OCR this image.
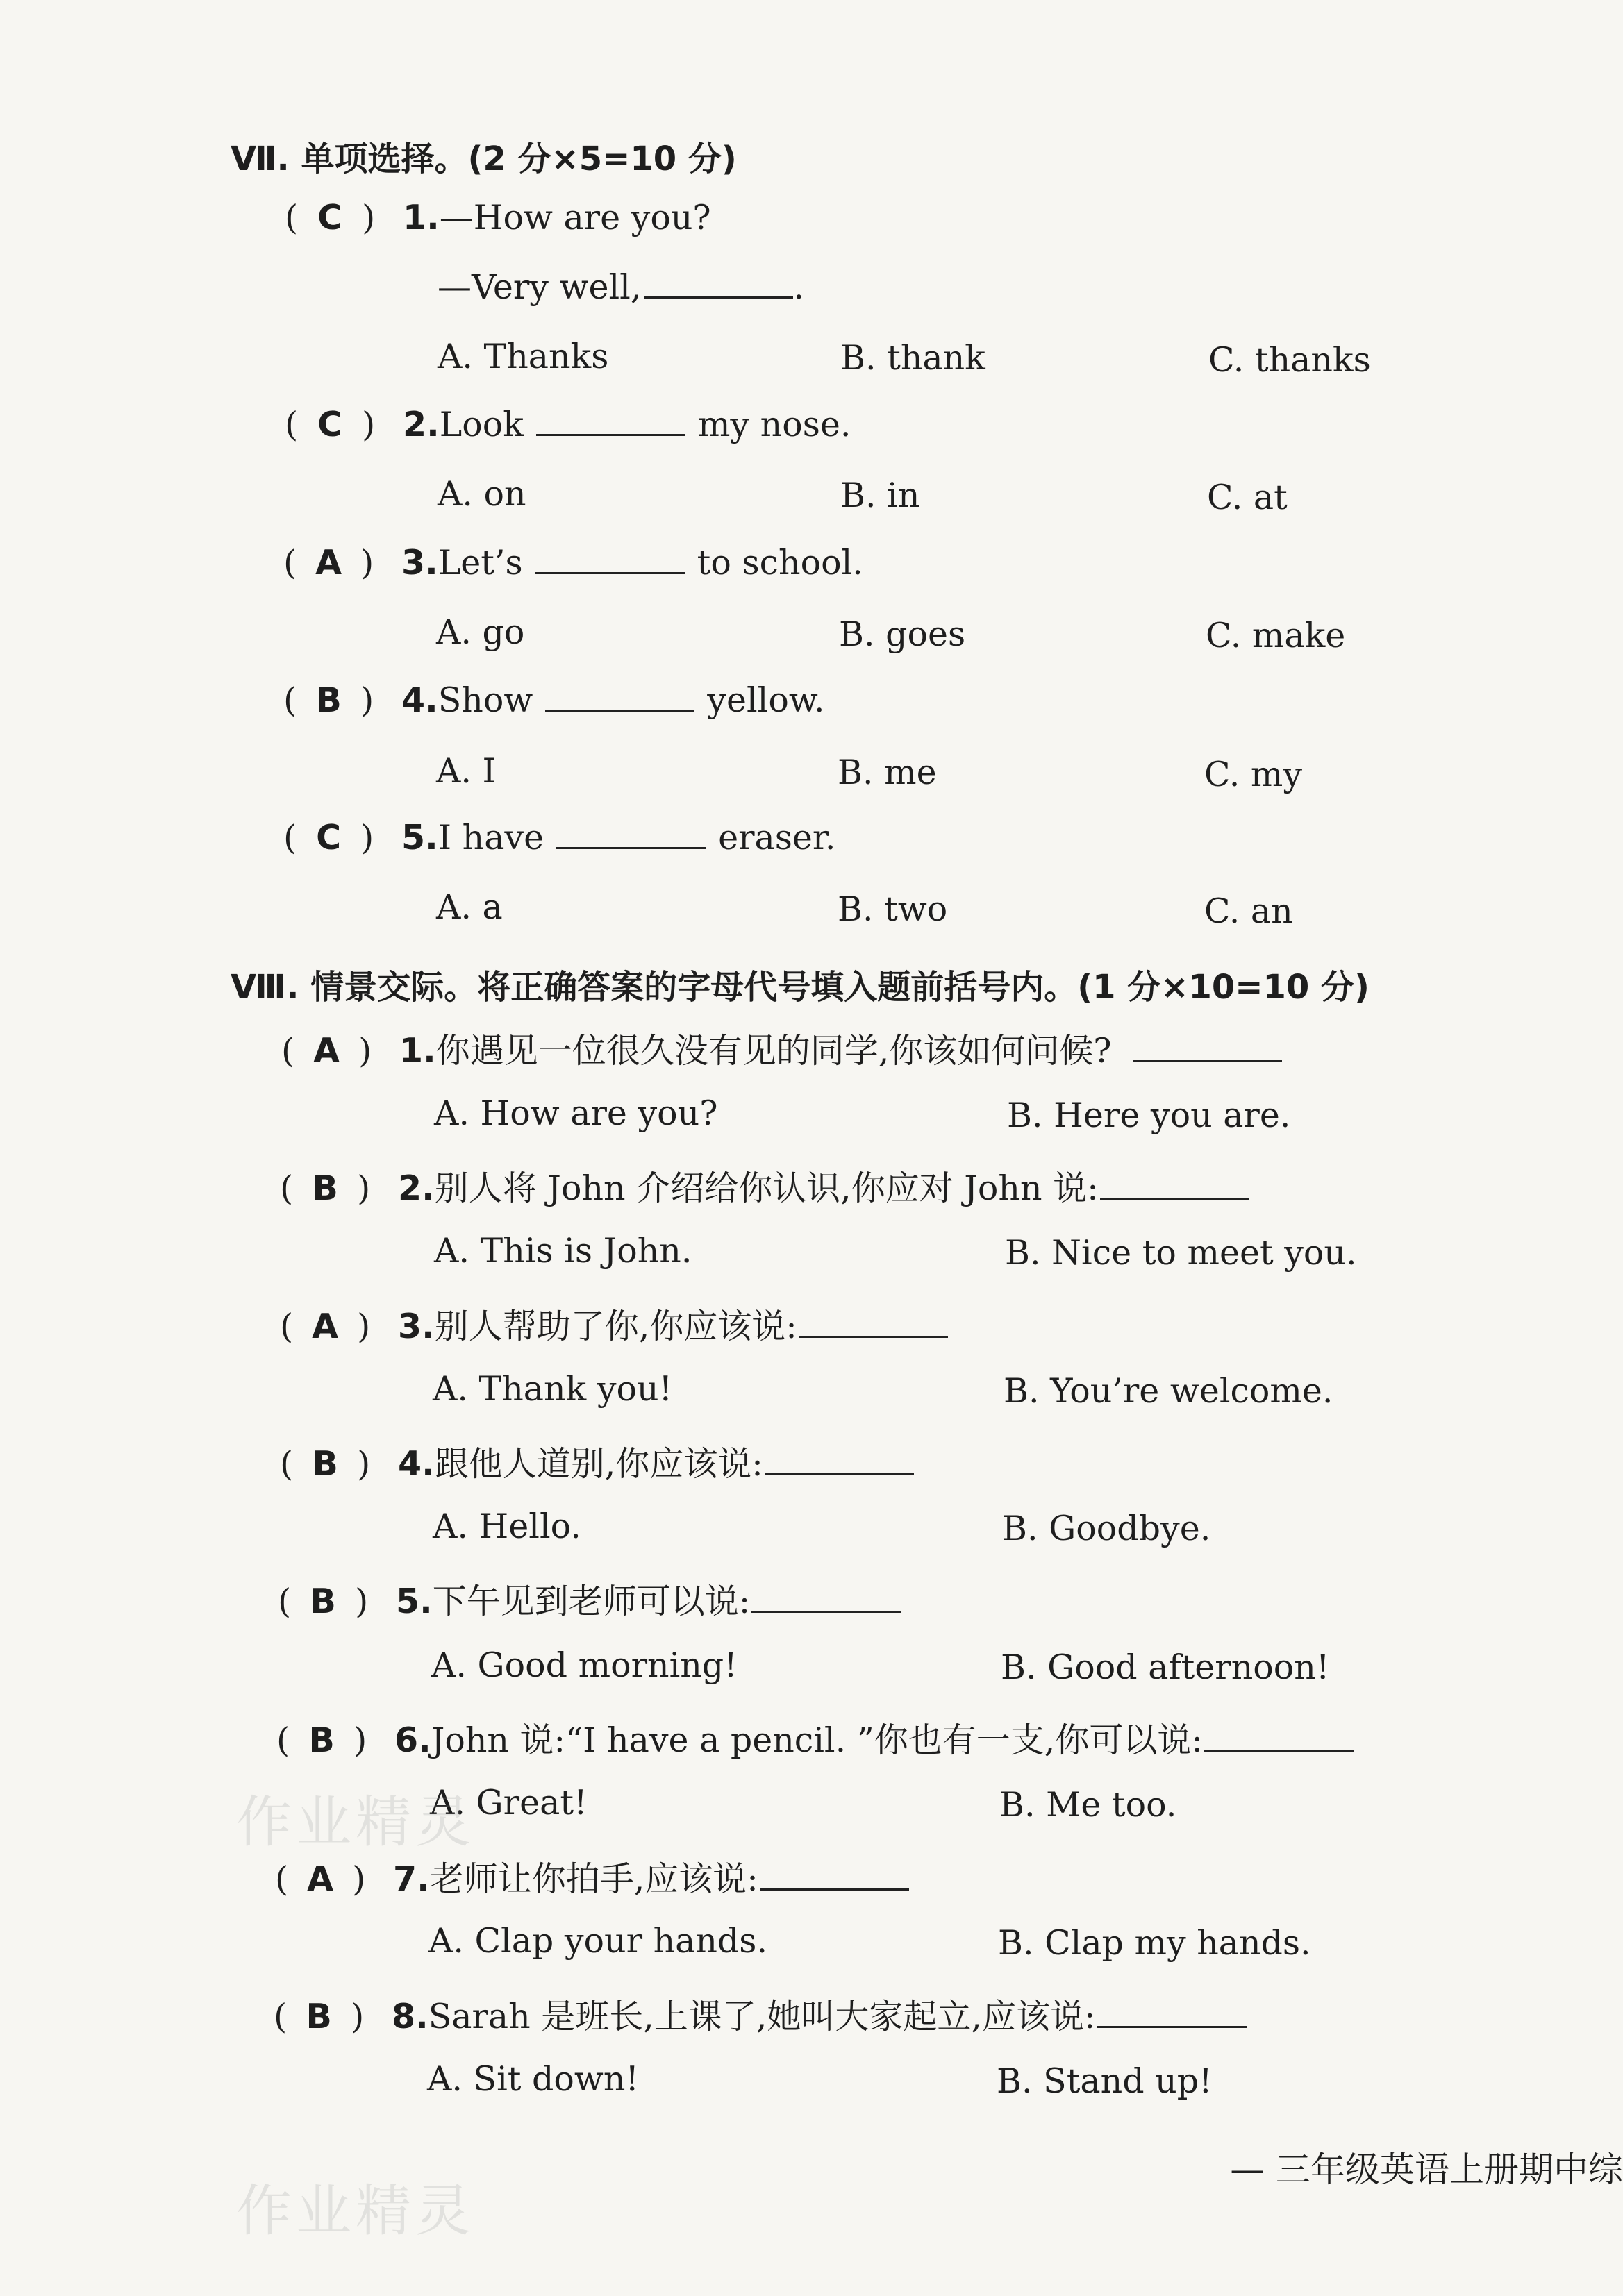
Ⅶ. 单项选择。(2 分×5=10 分)
( C ) 1.—How are you?
—Very well,	.
A. Thanks	B. thank	C. thanks
( C ) 2.Look	my nose.
A. on	B. in	C. at
( A ) 3.Let’s	to school.
A. go	B. goes	C. make
( B ) 4.Show	yellow.
A. I	B. me	C. my
( C ) 5.I have	eraser.
A. a	B. two	C. an
Ⅷ. 情景交际。将正确答案的字母代号填入题前括号内。(1 分×10=10 分)
( A ) 1.你遇见一位很久没有见的同学,你该如何问候?
A. How are you?	B. Here you are.
( B ) 2.别人将 John 介绍给你认识,你应对 John 说:
A. This is John.	B. Nice to meet you.
( A ) 3.别人帮助了你,你应该说:
A. Thank you!	B. You’re welcome.
( B ) 4.跟他人道别,你应该说:
A. Hello.	B. Goodbye.
( B ) 5.下午见到老师可以说:
A. Good morning!	B. Good afternoon!
( B ) 6.John 说:“I have a pencil. ”你也有一支,你可以说:
A. Great!	B. Me too.
( A ) 7.老师让你拍手,应该说:
A. Clap your hands.	B. Clap my hands.
( B ) 8.Sarah 是班长,上课了,她叫大家起立,应该说:
A. Sit down!	B. Stand up!
— 三年级英语上册期中综
作业精灵
作业精灵
